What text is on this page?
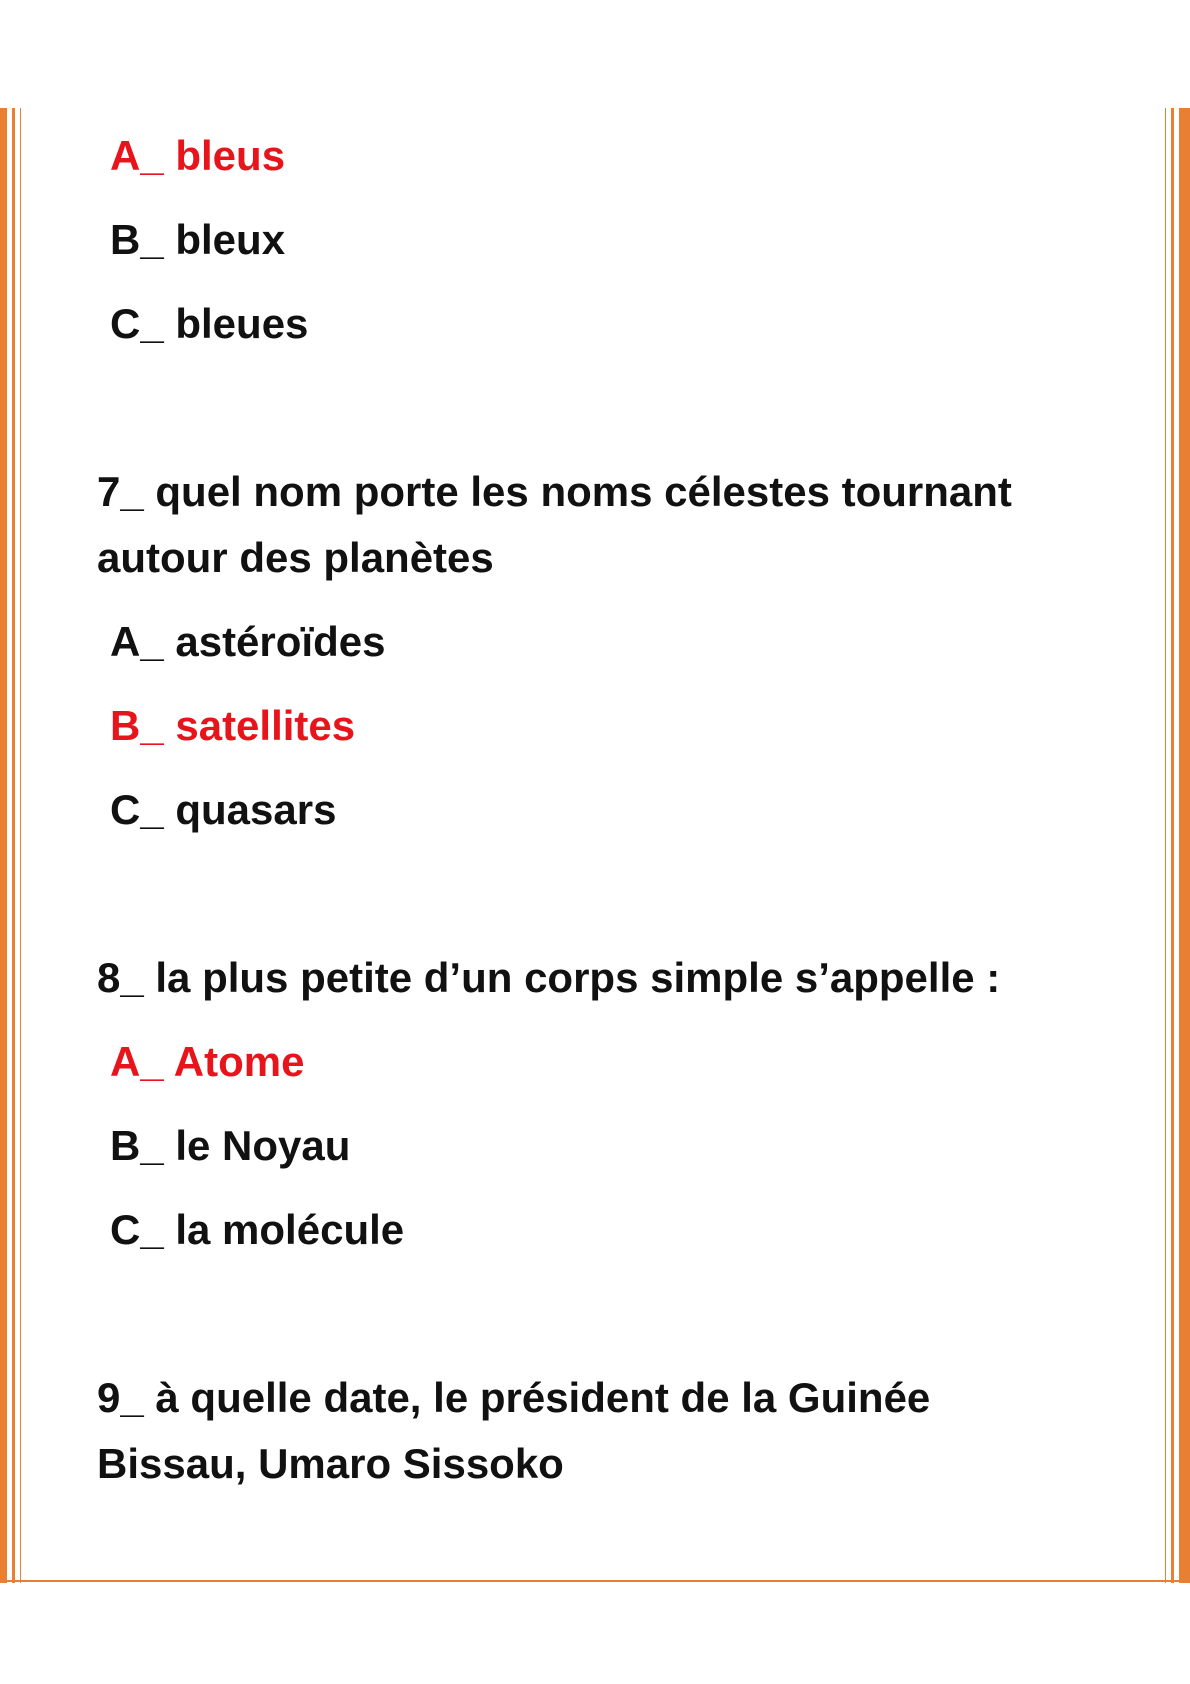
A_ bleus
B_ bleux
C_ bleues
7_ quel nom porte les noms célestes tournant
autour des planètes
A_ astéroïdes
B_ satellites
C_ quasars
8_ la plus petite d’un corps simple s’appelle :
A_ Atome
B_ le Noyau
C_ la molécule
9_ à quelle date, le président de la Guinée
Bissau, Umaro Sissoko
